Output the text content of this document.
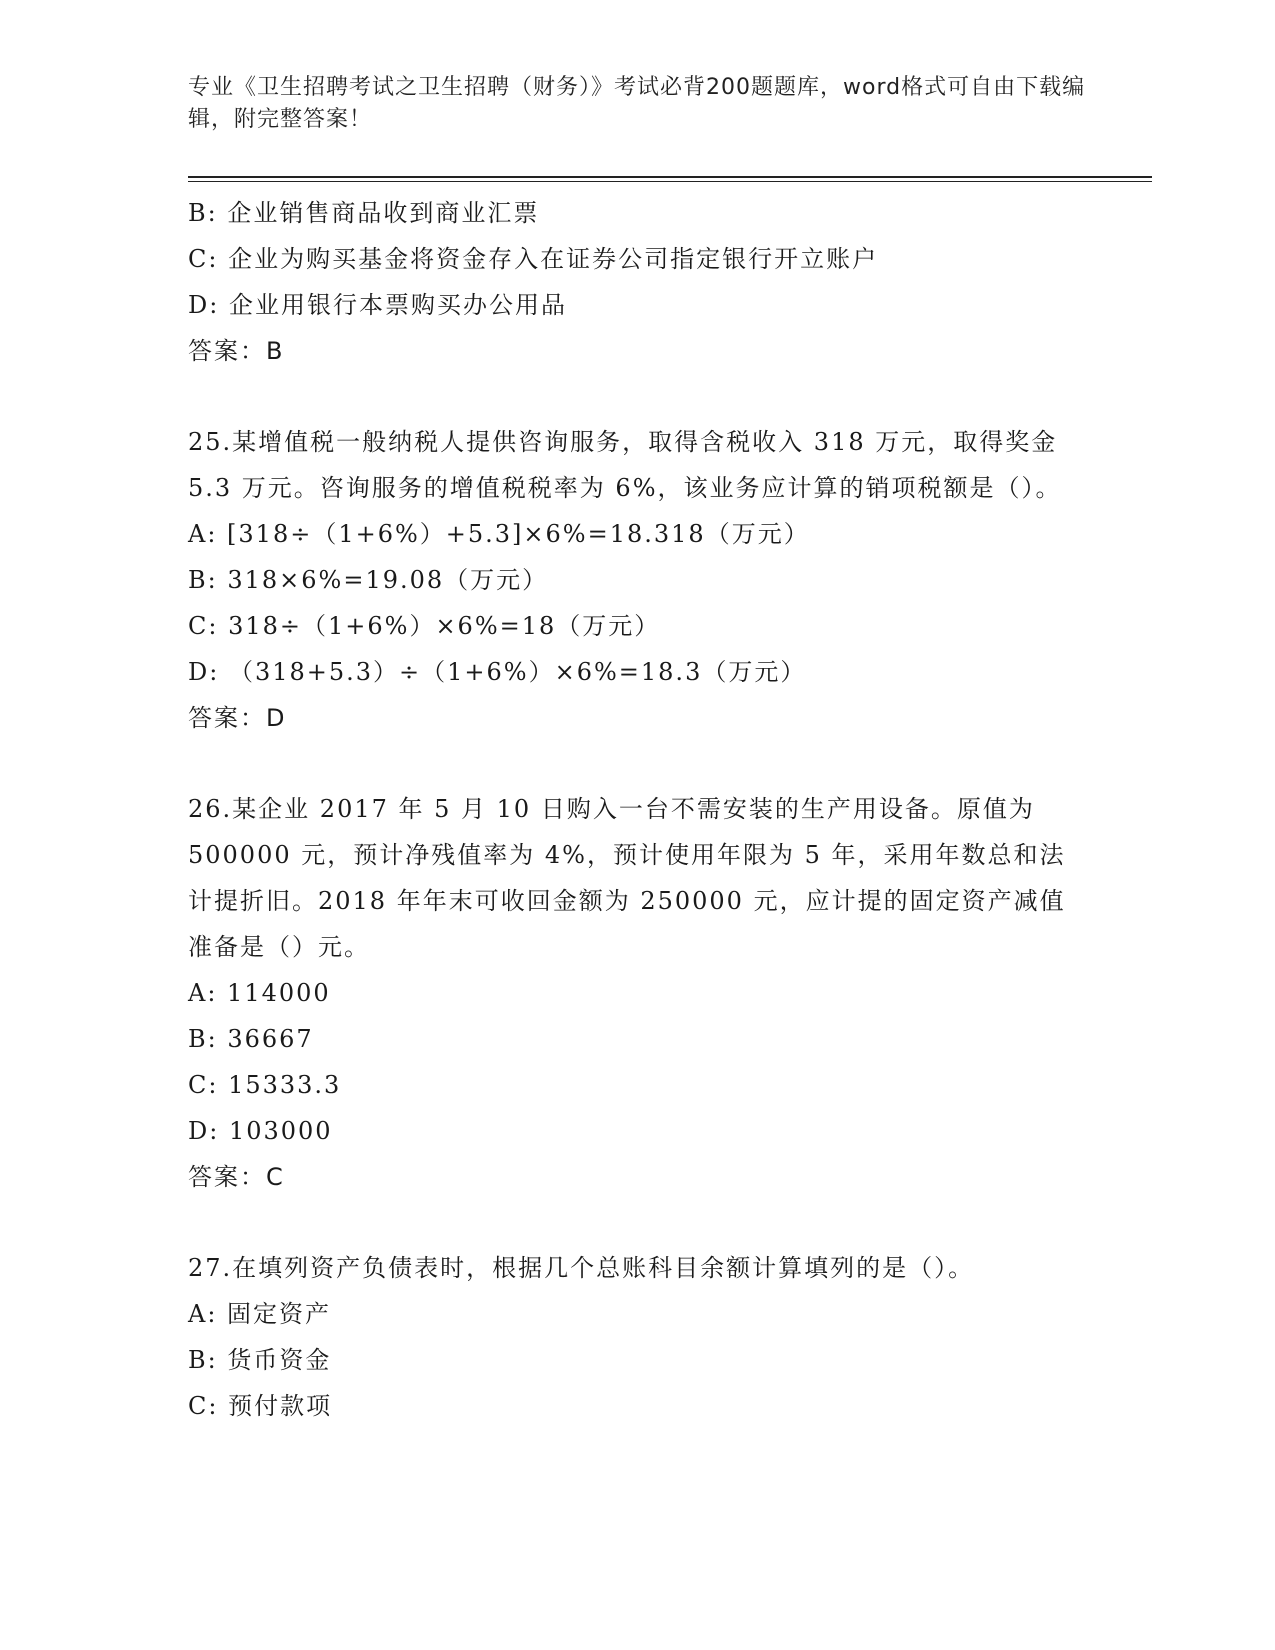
专业《卫生招聘考试之卫生招聘（财务）》考试必背200题题库，word格式可自由下载编辑，附完整答案！
B: 企业销售商品收到商业汇票
C: 企业为购买基金将资金存入在证券公司指定银行开立账户
D: 企业用银行本票购买办公用品
答案：B
25.某增值税一般纳税人提供咨询服务，取得含税收入 318 万元，取得奖金 5.3 万元。咨询服务的增值税税率为 6%，该业务应计算的销项税额是（）。
A: [318÷（1+6%）+5.3]×6%=18.318（万元）
B: 318×6%=19.08（万元）
C: 318÷（1+6%）×6%=18（万元）
D: （318+5.3）÷（1+6%）×6%=18.3（万元）
答案：D
26.某企业 2017 年 5 月 10 日购入一台不需安装的生产用设备。原值为 500000 元，预计净残值率为 4%，预计使用年限为 5 年，采用年数总和法计提折旧。2018 年年末可收回金额为 250000 元，应计提的固定资产减值准备是（）元。
A: 114000
B: 36667
C: 15333.3
D: 103000
答案：C
27.在填列资产负债表时，根据几个总账科目余额计算填列的是（）。
A: 固定资产
B: 货币资金
C: 预付款项
